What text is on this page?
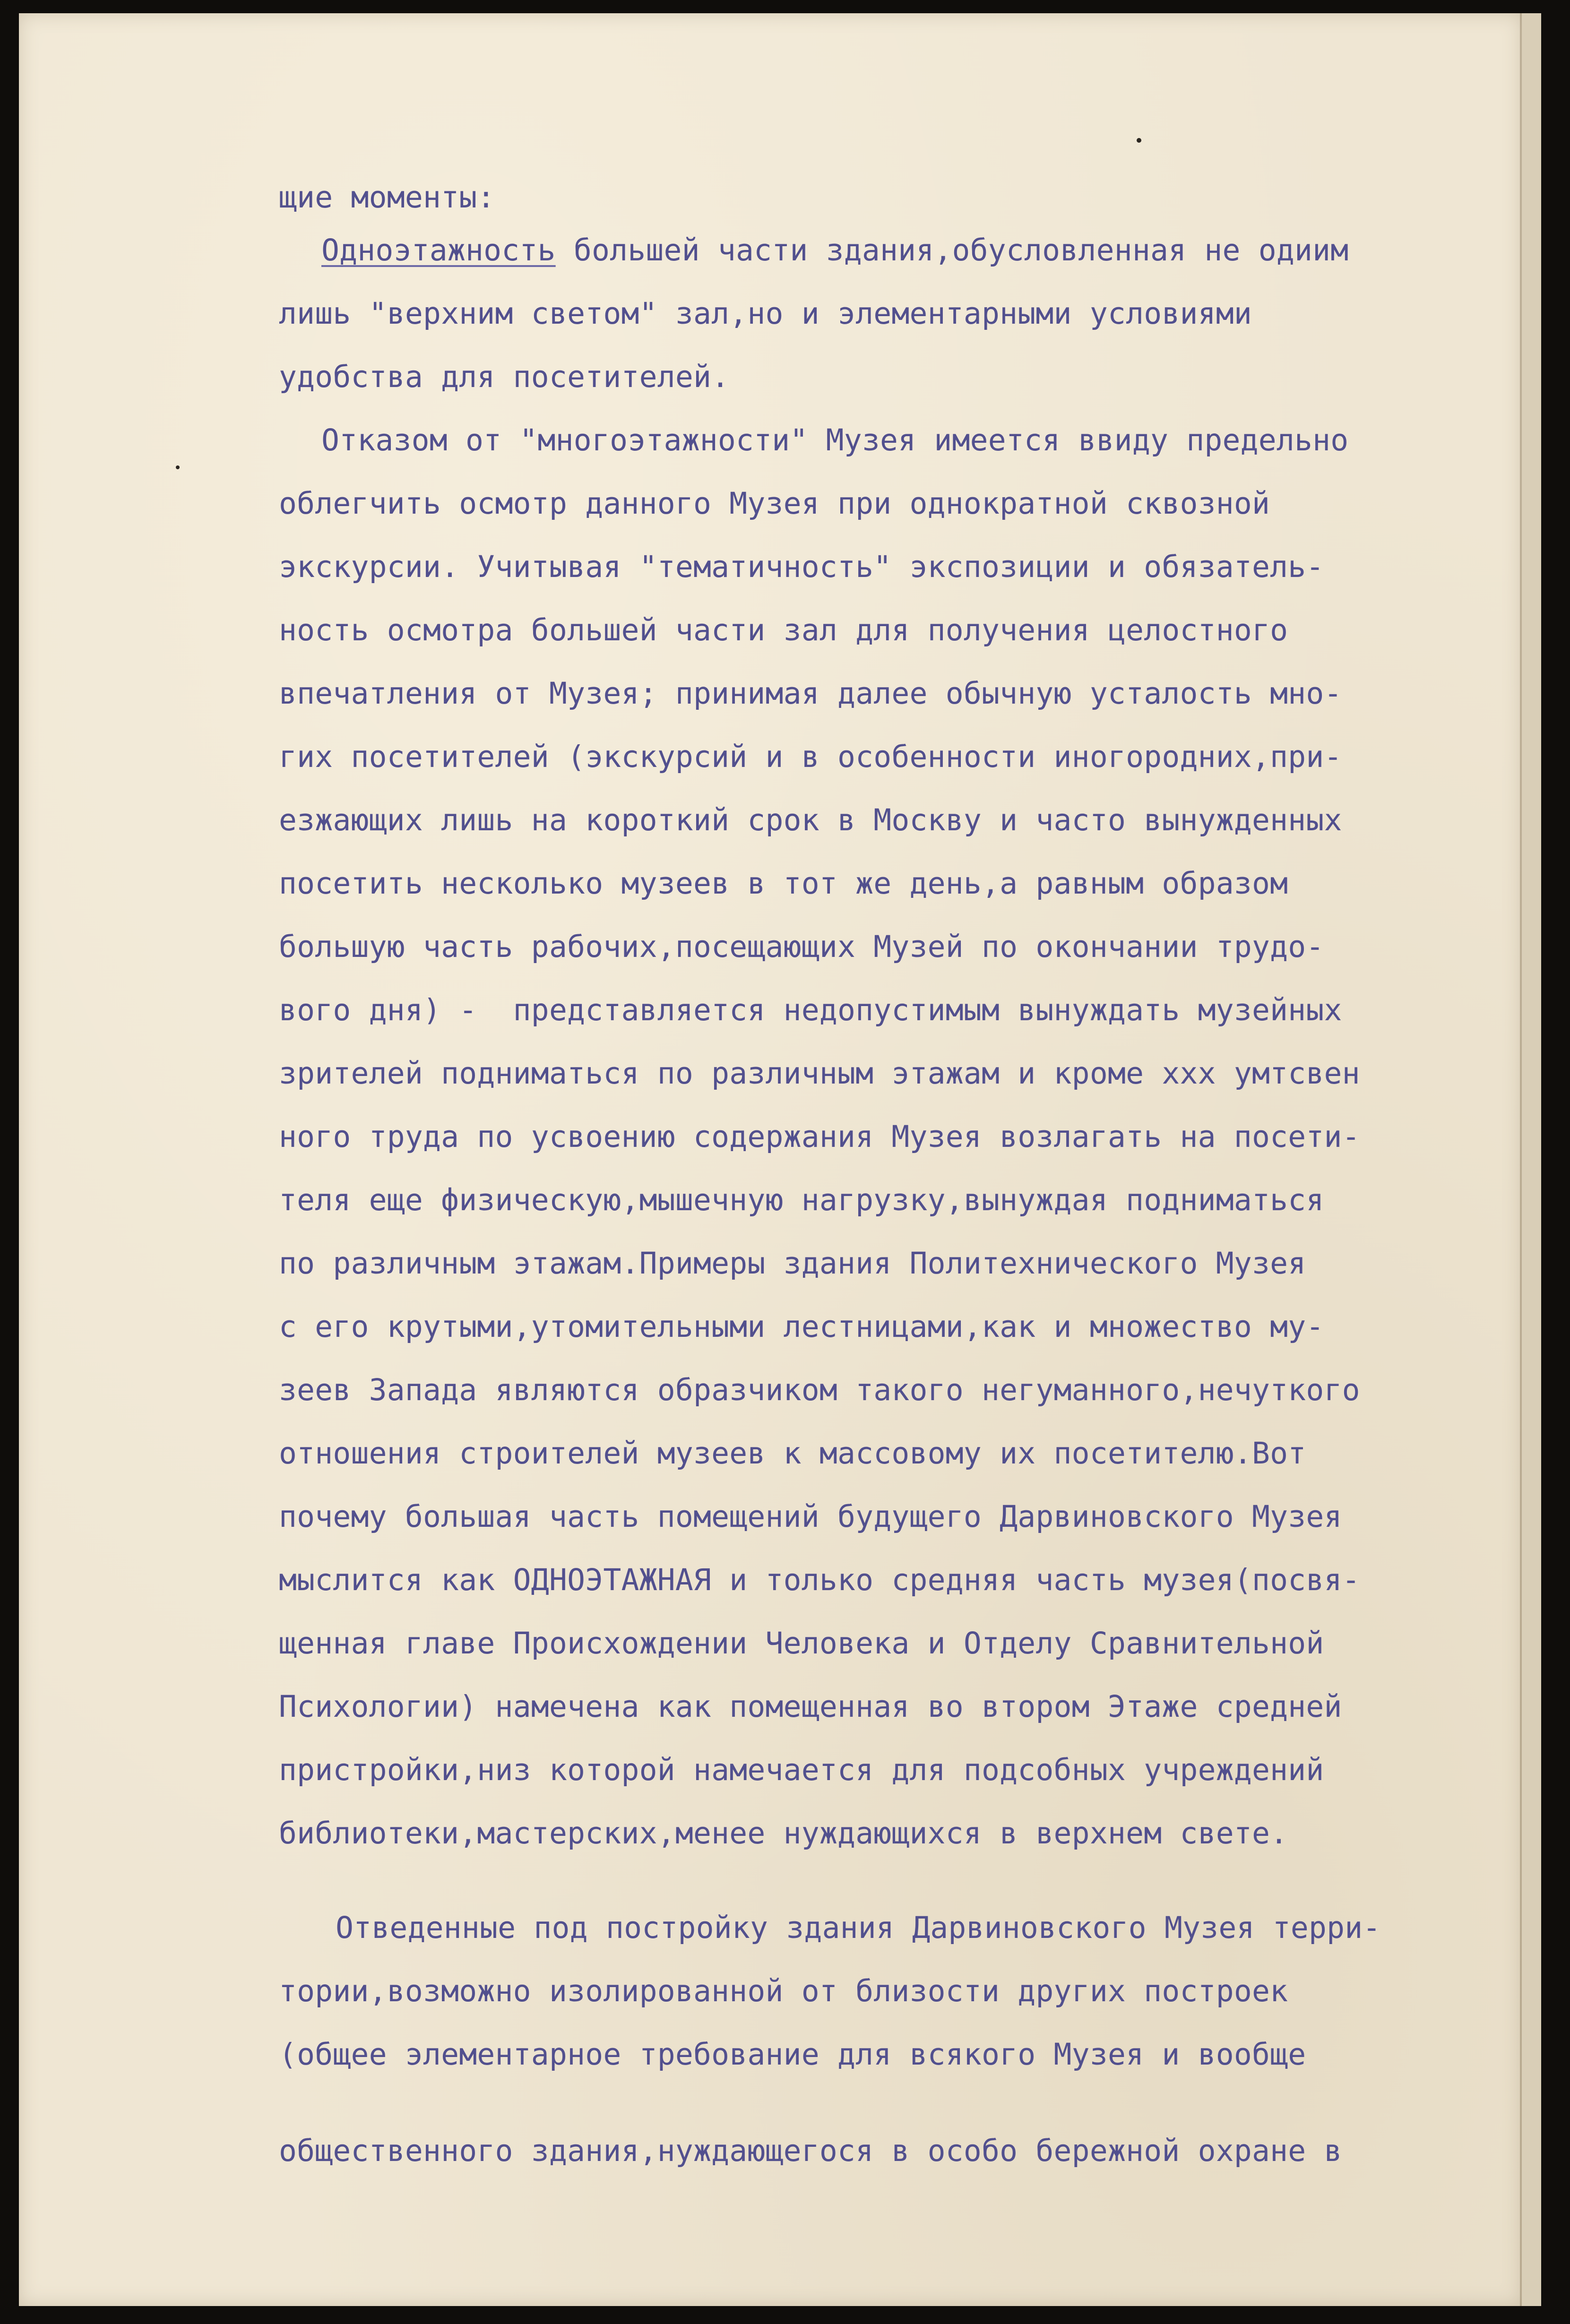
щие моменты:
Одноэтажность большей части здания,обусловленная не одиим
лишь "верхним светом" зал,но и элементарными условиями
удобства для посетителей.
Отказом от "многоэтажности" Музея имеется ввиду предельно
облегчить осмотр данного Музея при однократной сквозной
экскурсии. Учитывая "тематичность" экспозиции и обязатель-
ность осмотра большей части зал для получения целостного
впечатления от Музея; принимая далее обычную усталость мно-
гих посетителей (экскурсий и в особенности иногородних,при-
езжающих лишь на короткий срок в Москву и часто вынужденных
посетить несколько музеев в тот же день,а равным образом
большую часть рабочих,посещающих Музей по окончании трудо-
вого дня) -  представляется недопустимым вынуждать музейных
зрителей подниматься по различным этажам и кроме xxx умтсвен
ного труда по усвоению содержания Музея возлагать на посети-
теля еще физическую,мышечную нагрузку,вынуждая подниматься
по различным этажам.Примеры здания Политехнического Музея
с его крутыми,утомительными лестницами,как и множество му-
зеев Запада являются образчиком такого негуманного,нечуткого
отношения строителей музеев к массовому их посетителю.Вот
почему большая часть помещений будущего Дарвиновского Музея
мыслится как ОДНОЭТАЖНАЯ и только средняя часть музея(посвя-
щенная главе Происхождении Человека и Отделу Сравнительной
Психологии) намечена как помещенная во втором Этаже средней
пристройки,низ которой намечается для подсобных учреждений
библиотеки,мастерских,менее нуждающихся в верхнем свете.
Отведенные под постройку здания Дарвиновского Музея терри-
тории,возможно изолированной от близости других построек
(общее элементарное требование для всякого Музея и вообще
общественного здания,нуждающегося в особо бережной охране в
